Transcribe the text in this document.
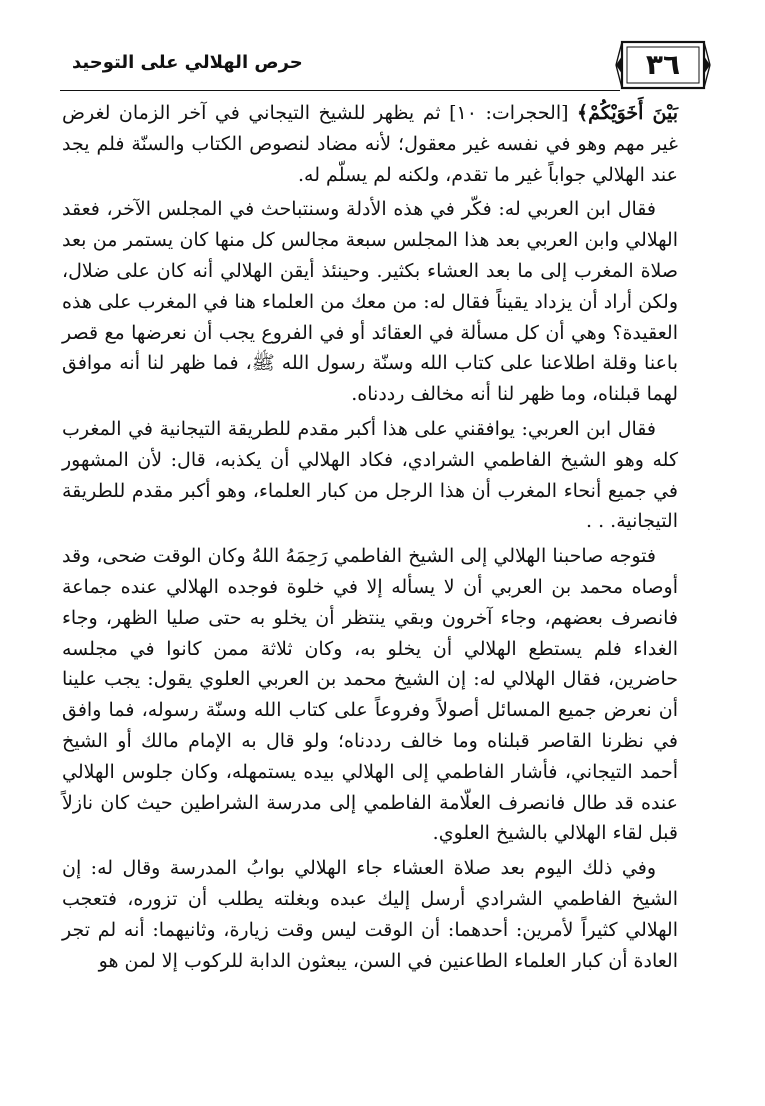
حرص الهلالي على التوحيد	٣٦

بَيْنَ أَخَوَيْكُمْ﴾ [الحجرات: ١٠] ثم يظهر للشيخ التيجاني في آخر الزمان لغرض غير مهم وهو في نفسه غير معقول؛ لأنه مضاد لنصوص الكتاب والسنّة فلم يجد عند الهلالي جواباً غير ما تقدم، ولكنه لم يسلّم له.

فقال ابن العربي له: فكّر في هذه الأدلة وسنتباحث في المجلس الآخر، فعقد الهلالي وابن العربي بعد هذا المجلس سبعة مجالس كل منها كان يستمر من بعد صلاة المغرب إلى ما بعد العشاء بكثير. وحينئذ أيقن الهلالي أنه كان على ضلال، ولكن أراد أن يزداد يقيناً فقال له: من معك من العلماء هنا في المغرب على هذه العقيدة؟ وهي أن كل مسألة في العقائد أو في الفروع يجب أن نعرضها مع قصر باعنا وقلة اطلاعنا على كتاب الله وسنّة رسول الله ﷺ، فما ظهر لنا أنه موافق لهما قبلناه، وما ظهر لنا أنه مخالف رددناه.

فقال ابن العربي: يوافقني على هذا أكبر مقدم للطريقة التيجانية في المغرب كله وهو الشيخ الفاطمي الشرادي، فكاد الهلالي أن يكذبه، قال: لأن المشهور في جميع أنحاء المغرب أن هذا الرجل من كبار العلماء، وهو أكبر مقدم للطريقة التيجانية. . .

فتوجه صاحبنا الهلالي إلى الشيخ الفاطمي رَحِمَهُ اللهُ وكان الوقت ضحى، وقد أوصاه محمد بن العربي أن لا يسأله إلا في خلوة فوجده الهلالي عنده جماعة فانصرف بعضهم، وجاء آخرون وبقي ينتظر أن يخلو به حتى صليا الظهر، وجاء الغداء فلم يستطع الهلالي أن يخلو به، وكان ثلاثة ممن كانوا في مجلسه حاضرين، فقال الهلالي له: إن الشيخ محمد بن العربي العلوي يقول: يجب علينا أن نعرض جميع المسائل أصولاً وفروعاً على كتاب الله وسنّة رسوله، فما وافق في نظرنا القاصر قبلناه وما خالف رددناه؛ ولو قال به الإمام مالك أو الشيخ أحمد التيجاني، فأشار الفاطمي إلى الهلالي بيده يستمهله، وكان جلوس الهلالي عنده قد طال فانصرف العلّامة الفاطمي إلى مدرسة الشراطين حيث كان نازلاً قبل لقاء الهلالي بالشيخ العلوي.

وفي ذلك اليوم بعد صلاة العشاء جاء الهلالي بوابُ المدرسة وقال له: إن الشيخ الفاطمي الشرادي أرسل إليك عبده وبغلته يطلب أن تزوره، فتعجب الهلالي كثيراً لأمرين: أحدهما: أن الوقت ليس وقت زيارة، وثانيهما: أنه لم تجر العادة أن كبار العلماء الطاعنين في السن، يبعثون الدابة للركوب إلا لمن هو
